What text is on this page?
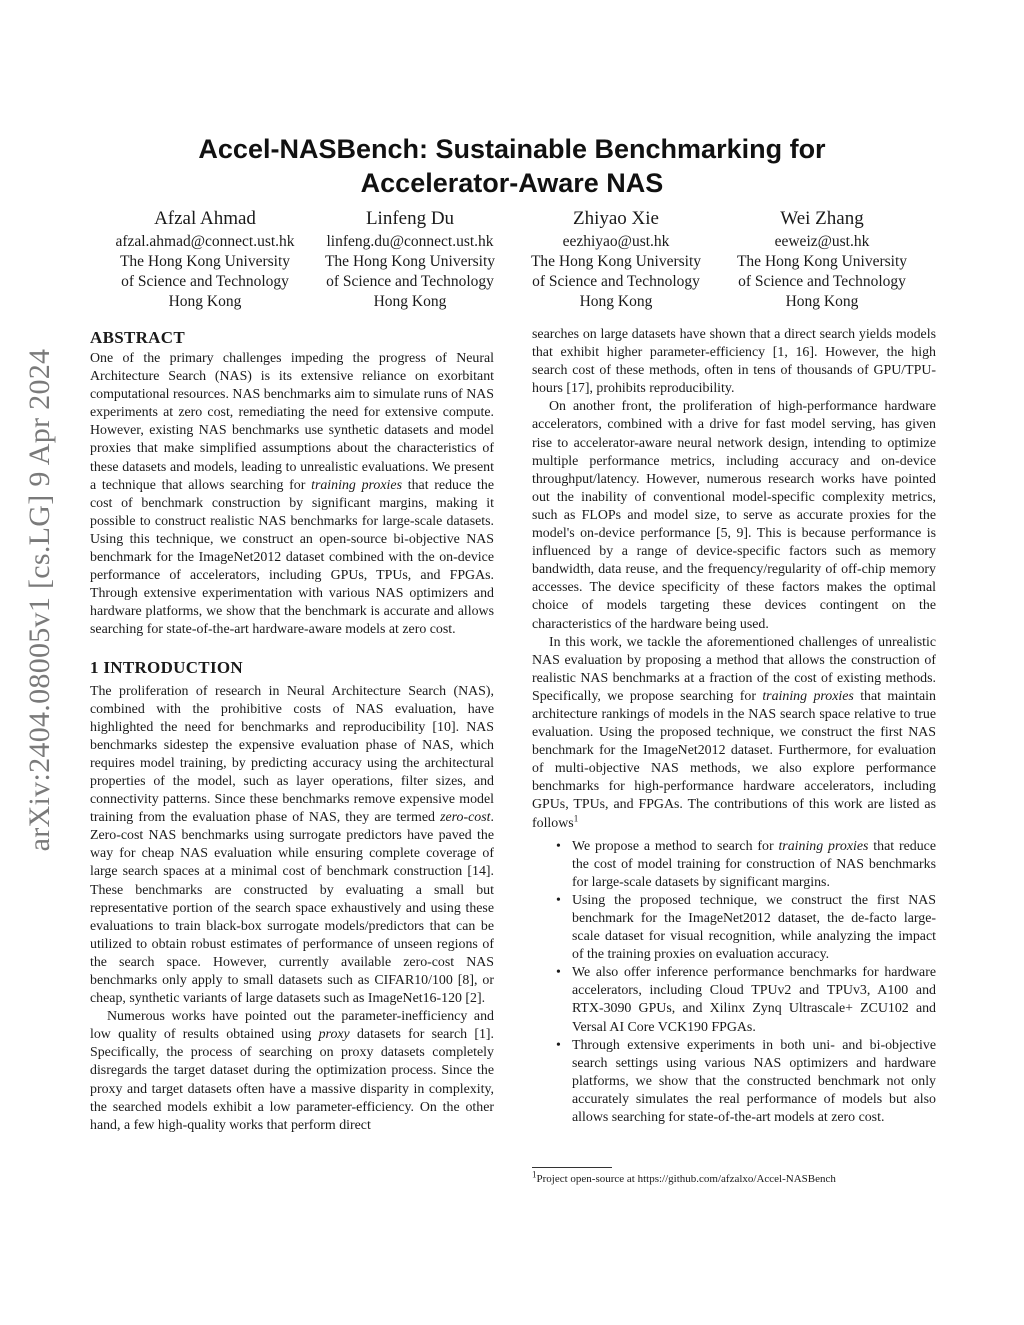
arXiv:2404.08005v1 [cs.LG] 9 Apr 2024
Accel-NASBench: Sustainable Benchmarking for
Accelerator-Aware NAS
Afzal Ahmad
afzal.ahmad@connect.ust.hk
The Hong Kong University
of Science and Technology
Hong Kong
Linfeng Du
linfeng.du@connect.ust.hk
The Hong Kong University
of Science and Technology
Hong Kong
Zhiyao Xie
eezhiyao@ust.hk
The Hong Kong University
of Science and Technology
Hong Kong
Wei Zhang
eeweiz@ust.hk
The Hong Kong University
of Science and Technology
Hong Kong
ABSTRACT

One of the primary challenges impeding the progress of Neural Architecture Search (NAS) is its extensive reliance on exorbitant computational resources. NAS benchmarks aim to simulate runs of NAS experiments at zero cost, remediating the need for extensive compute. However, existing NAS benchmarks use synthetic datasets and model proxies that make simplified assumptions about the characteristics of these datasets and models, leading to unrealistic evaluations. We present a technique that allows searching for training proxies that reduce the cost of benchmark construction by significant margins, making it possible to construct realistic NAS benchmarks for large-scale datasets. Using this technique, we construct an open-source bi-objective NAS benchmark for the ImageNet2012 dataset combined with the on-device performance of accelerators, including GPUs, TPUs, and FPGAs. Through extensive experimentation with various NAS optimizers and hardware platforms, we show that the benchmark is accurate and allows searching for state-of-the-art hardware-aware models at zero cost.

1 INTRODUCTION

The proliferation of research in Neural Architecture Search (NAS), combined with the prohibitive costs of NAS evaluation, have highlighted the need for benchmarks and reproducibility [10]. NAS benchmarks sidestep the expensive evaluation phase of NAS, which requires model training, by predicting accuracy using the architectural properties of the model, such as layer operations, filter sizes, and connectivity patterns. Since these benchmarks remove expensive model training from the evaluation phase of NAS, they are termed zero-cost. Zero-cost NAS benchmarks using surrogate predictors have paved the way for cheap NAS evaluation while ensuring complete coverage of large search spaces at a minimal cost of benchmark construction [14]. These benchmarks are constructed by evaluating a small but representative portion of the search space exhaustively and using these evaluations to train black-box surrogate models/predictors that can be utilized to obtain robust estimates of performance of unseen regions of the search space. However, currently available zero-cost NAS benchmarks only apply to small datasets such as CIFAR10/100 [8], or cheap, synthetic variants of large datasets such as ImageNet16-120 [2].

Numerous works have pointed out the parameter-inefficiency and low quality of results obtained using proxy datasets for search [1]. Specifically, the process of searching on proxy datasets completely disregards the target dataset during the optimization process. Since the proxy and target datasets often have a massive disparity in complexity, the searched models exhibit a low parameter-efficiency. On the other hand, a few high-quality works that perform direct

searches on large datasets have shown that a direct search yields models that exhibit higher parameter-efficiency [1, 16]. However, the high search cost of these methods, often in tens of thousands of GPU/TPU-hours [17], prohibits reproducibility.

On another front, the proliferation of high-performance hardware accelerators, combined with a drive for fast model serving, has given rise to accelerator-aware neural network design, intending to optimize multiple performance metrics, including accuracy and on-device throughput/latency. However, numerous research works have pointed out the inability of conventional model-specific complexity metrics, such as FLOPs and model size, to serve as accurate proxies for the model's on-device performance [5, 9]. This is because performance is influenced by a range of device-specific factors such as memory bandwidth, data reuse, and the frequency/regularity of off-chip memory accesses. The device specificity of these factors makes the optimal choice of models targeting these devices contingent on the characteristics of the hardware being used.

In this work, we tackle the aforementioned challenges of unrealistic NAS evaluation by proposing a method that allows the construction of realistic NAS benchmarks at a fraction of the cost of existing methods. Specifically, we propose searching for training proxies that maintain architecture rankings of models in the NAS search space relative to true evaluation. Using the proposed technique, we construct the first NAS benchmark for the ImageNet2012 dataset. Furthermore, for evaluation of multi-objective NAS methods, we also explore performance benchmarks for high-performance hardware accelerators, including GPUs, TPUs, and FPGAs. The contributions of this work are listed as follows$^1$

• We propose a method to search for training proxies that reduce the cost of model training for construction of NAS benchmarks for large-scale datasets by significant margins.
• Using the proposed technique, we construct the first NAS benchmark for the ImageNet2012 dataset, the de-facto large-scale dataset for visual recognition, while analyzing the impact of the training proxies on evaluation accuracy.
• We also offer inference performance benchmarks for hardware accelerators, including Cloud TPUv2 and TPUv3, A100 and RTX-3090 GPUs, and Xilinx Zynq Ultrascale+ ZCU102 and Versal AI Core VCK190 FPGAs.
• Through extensive experiments in both uni- and bi-objective search settings using various NAS optimizers and hardware platforms, we show that the constructed benchmark not only accurately simulates the real performance of models but also allows searching for state-of-the-art models at zero cost.
$^1$Project open-source at https://github.com/afzalxo/Accel-NASBench
